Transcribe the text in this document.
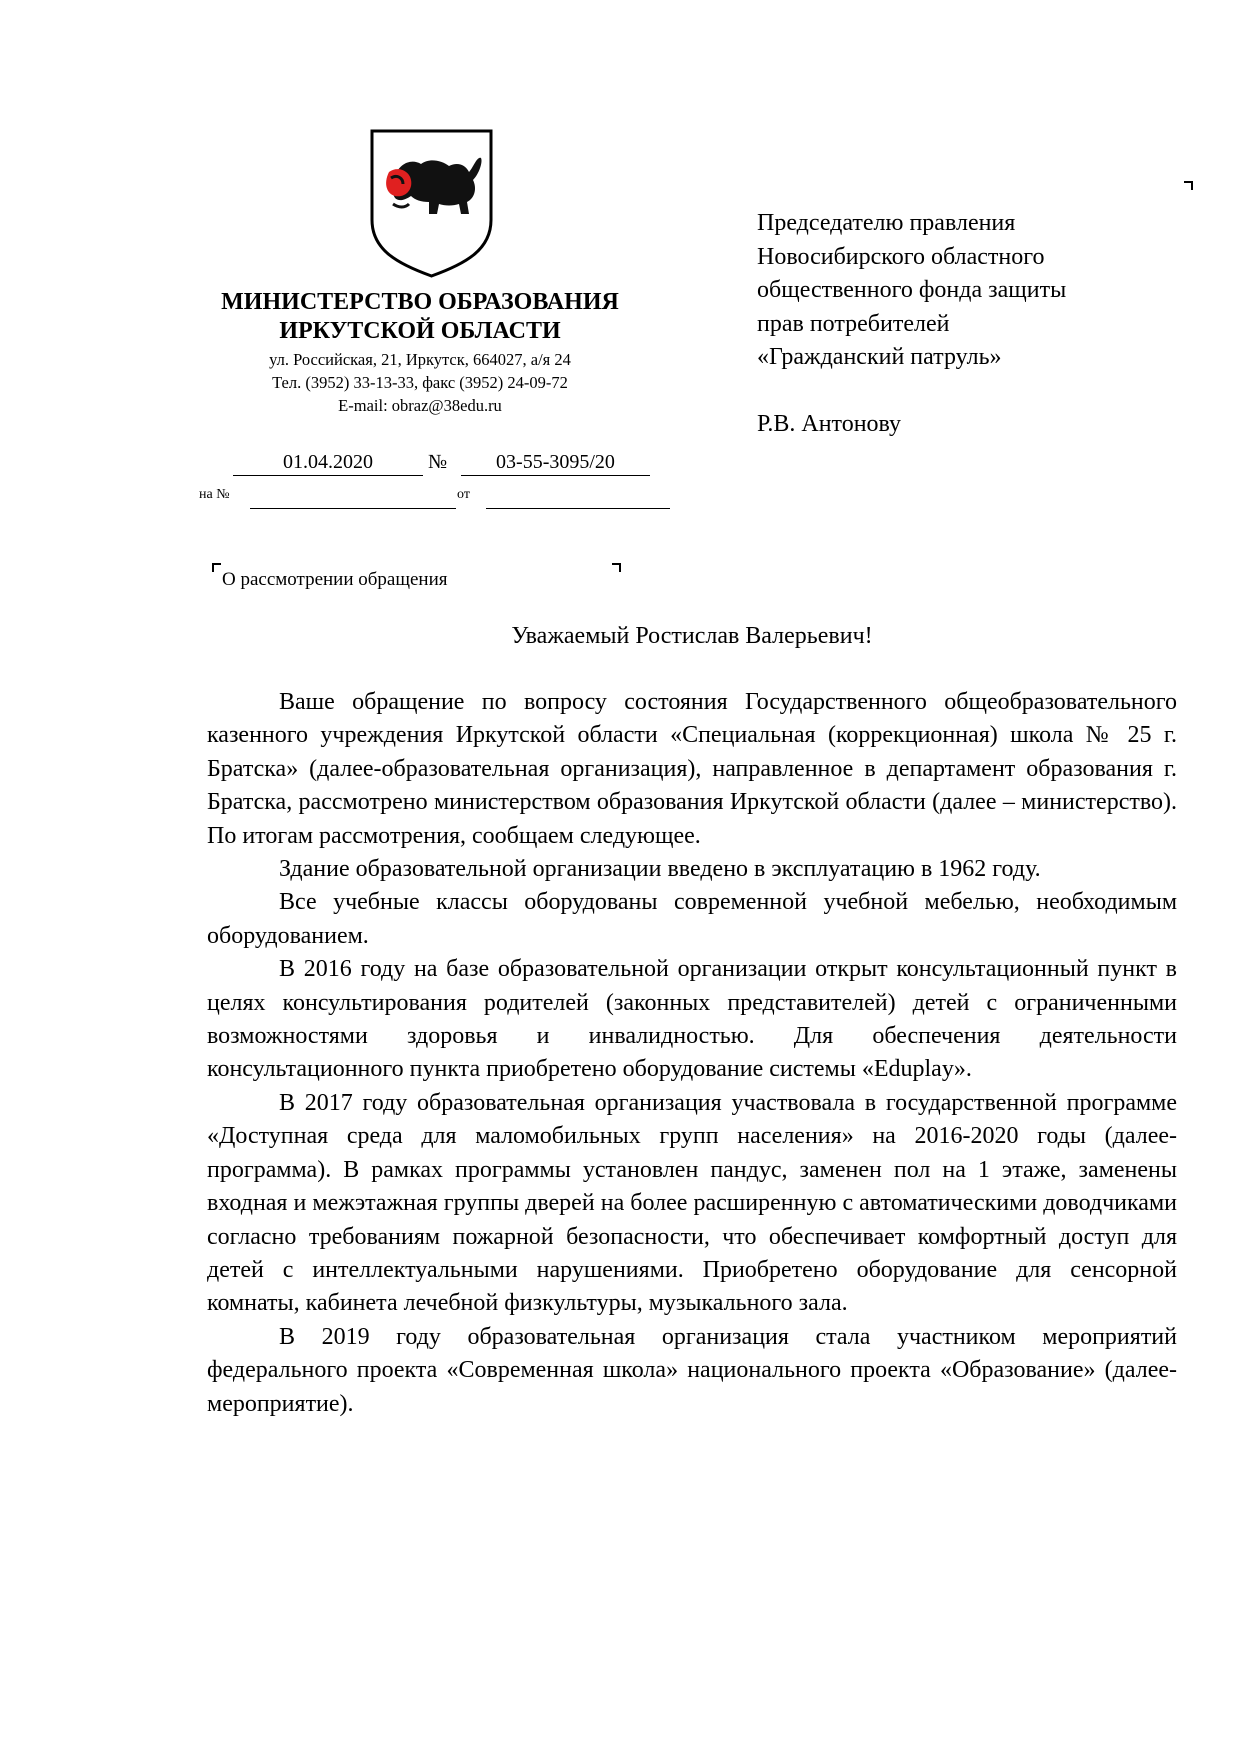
МИНИСТЕРСТВО ОБРАЗОВАНИЯ
ИРКУТСКОЙ ОБЛАСТИ
ул. Российская, 21, Иркутск, 664027, а/я 24
Тел. (3952) 33-13-33, факс (3952) 24-09-72
E-mail: obraz@38edu.ru
01.04.2020	№	03-55-3095/20
на №	от
О рассмотрении обращения
Председателю правления
Новосибирского областного
общественного фонда защиты
прав потребителей
«Гражданский патруль»
Р.В. Антонову
Уважаемый Ростислав Валерьевич!

Ваше обращение по вопросу состояния Государственного общеобразовательного казенного учреждения Иркутской области «Специальная (коррекционная) школа № 25 г. Братска» (далее-образовательная организация), направленное в департамент образования г. Братска, рассмотрено министерством образования Иркутской области (далее – министерство). По итогам рассмотрения, сообщаем следующее.

Здание образовательной организации введено в эксплуатацию в 1962 году.

Все учебные классы оборудованы современной учебной мебелью, необходимым оборудованием.

В 2016 году на базе образовательной организации открыт консультационный пункт в целях консультирования родителей (законных представителей) детей с ограниченными возможностями здоровья и инвалидностью. Для обеспечения деятельности консультационного пункта приобретено оборудование системы «Eduplay».

В 2017 году образовательная организация участвовала в государственной программе «Доступная среда для маломобильных групп населения» на 2016-2020 годы (далее-программа). В рамках программы установлен пандус, заменен пол на 1 этаже, заменены входная и межэтажная группы дверей на более расширенную с автоматическими доводчиками согласно требованиям пожарной безопасности, что обеспечивает комфортный доступ для детей с интеллектуальными нарушениями. Приобретено оборудование для сенсорной комнаты, кабинета лечебной физкультуры, музыкального зала.

В 2019 году образовательная организация стала участником мероприятий федерального проекта «Современная школа» национального проекта «Образование» (далее-мероприятие).
